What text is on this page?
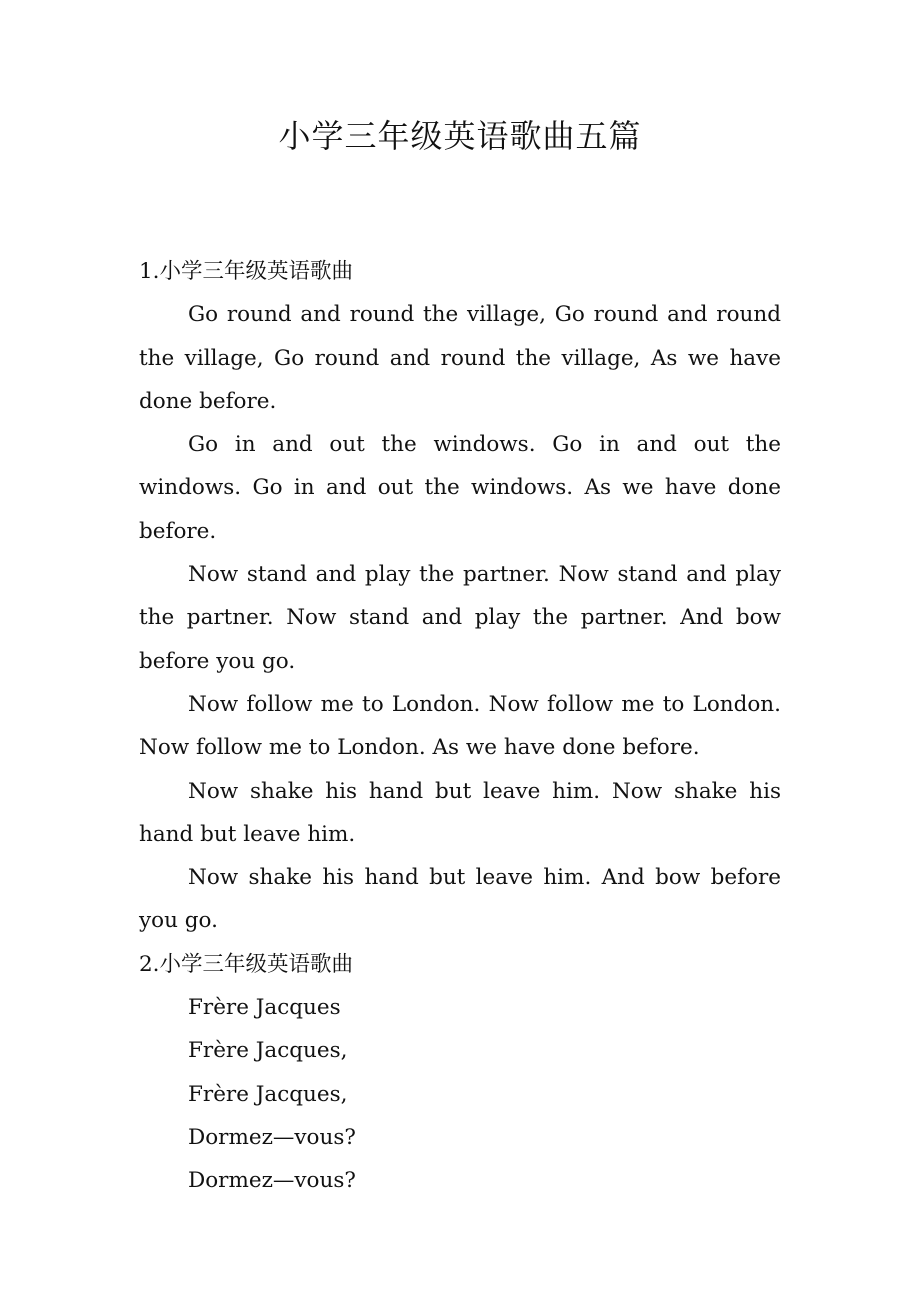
小学三年级英语歌曲五篇
1.小学三年级英语歌曲

Go round and round the village, Go round and round the village, Go round and round the village, As we have done before.

Go in and out the windows. Go in and out the windows. Go in and out the windows. As we have done before.

Now stand and play the partner. Now stand and play the partner. Now stand and play the partner. And bow before you go.

Now follow me to London. Now follow me to London. Now follow me to London. As we have done before.

Now shake his hand but leave him. Now shake his hand but leave him.

Now shake his hand but leave him. And bow before you go.

2.小学三年级英语歌曲

Frère Jacques

Frère Jacques,

Frère Jacques,

Dormez—vous?

Dormez—vous?
